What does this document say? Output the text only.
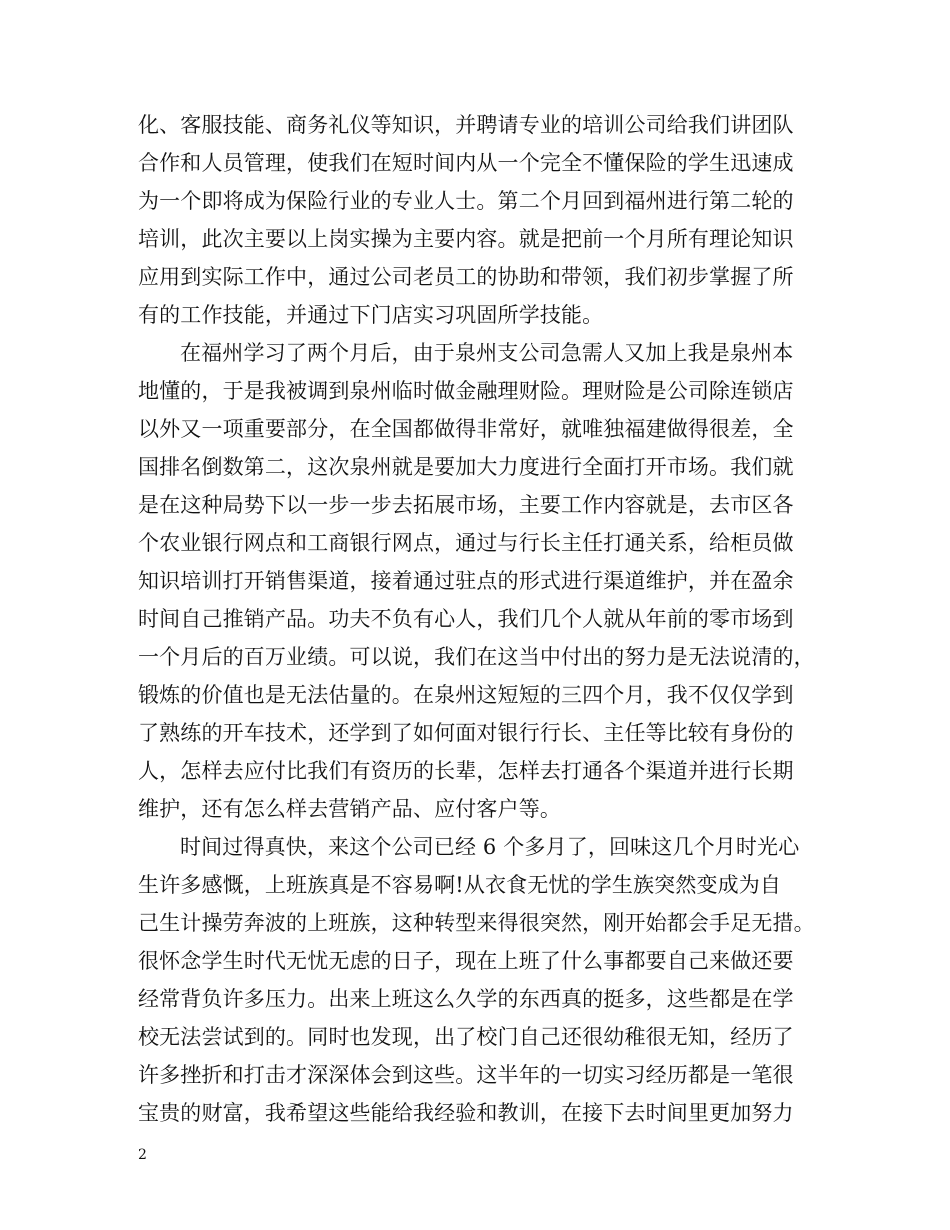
化、客服技能、商务礼仪等知识，并聘请专业的培训公司给我们讲团队
合作和人员管理，使我们在短时间内从一个完全不懂保险的学生迅速成
为一个即将成为保险行业的专业人士。第二个月回到福州进行第二轮的
培训，此次主要以上岗实操为主要内容。就是把前一个月所有理论知识
应用到实际工作中，通过公司老员工的协助和带领，我们初步掌握了所
有的工作技能，并通过下门店实习巩固所学技能。
在福州学习了两个月后，由于泉州支公司急需人又加上我是泉州本
地懂的，于是我被调到泉州临时做金融理财险。理财险是公司除连锁店
以外又一项重要部分，在全国都做得非常好，就唯独福建做得很差，全
国排名倒数第二，这次泉州就是要加大力度进行全面打开市场。我们就
是在这种局势下以一步一步去拓展市场，主要工作内容就是，去市区各
个农业银行网点和工商银行网点，通过与行长主任打通关系，给柜员做
知识培训打开销售渠道，接着通过驻点的形式进行渠道维护，并在盈余
时间自己推销产品。功夫不负有心人，我们几个人就从年前的零市场到
一个月后的百万业绩。可以说，我们在这当中付出的努力是无法说清的，
锻炼的价值也是无法估量的。在泉州这短短的三四个月，我不仅仅学到
了熟练的开车技术，还学到了如何面对银行行长、主任等比较有身份的
人，怎样去应付比我们有资历的长辈，怎样去打通各个渠道并进行长期
维护，还有怎么样去营销产品、应付客户等。
时间过得真快，来这个公司已经 6 个多月了，回味这几个月时光心
生许多感慨，上班族真是不容易啊!从衣食无忧的学生族突然变成为自
己生计操劳奔波的上班族，这种转型来得很突然，刚开始都会手足无措。
很怀念学生时代无忧无虑的日子，现在上班了什么事都要自己来做还要
经常背负许多压力。出来上班这么久学的东西真的挺多，这些都是在学
校无法尝试到的。同时也发现，出了校门自己还很幼稚很无知，经历了
许多挫折和打击才深深体会到这些。这半年的一切实习经历都是一笔很
宝贵的财富，我希望这些能给我经验和教训，在接下去时间里更加努力
2
